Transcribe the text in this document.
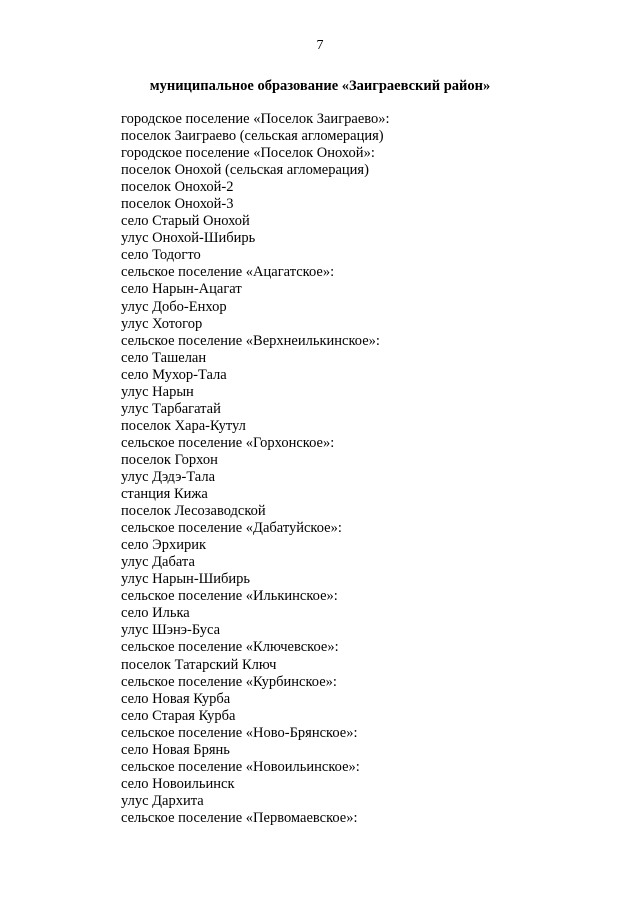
7
муниципальное образование «Заиграевский район»
городское поселение «Поселок Заиграево»:
поселок Заиграево (сельская агломерация)
городское поселение «Поселок Онохой»:
поселок Онохой (сельская агломерация)
поселок Онохой-2
поселок Онохой-3
село Старый Онохой
улус Онохой-Шибирь
село Тодогто
сельское поселение «Ацагатское»:
село Нарын-Ацагат
улус Добо-Енхор
улус Хотогор
сельское поселение «Верхнеилькинское»:
село Ташелан
село Мухор-Тала
улус Нарын
улус Тарбагатай
поселок Хара-Кутул
сельское поселение «Горхонское»:
поселок Горхон
улус Дэдэ-Тала
станция Кижа
поселок Лесозаводской
сельское поселение «Дабатуйское»:
село Эрхирик
улус Дабата
улус Нарын-Шибирь
сельское поселение «Илькинское»:
село Илька
улус Шэнэ-Буса
сельское поселение «Ключевское»:
поселок Татарский Ключ
сельское поселение «Курбинское»:
село Новая Курба
село Старая Курба
сельское поселение «Ново-Брянское»:
село Новая Брянь
сельское поселение «Новоильинское»:
село Новоильинск
улус Дархита
сельское поселение «Первомаевское»:
